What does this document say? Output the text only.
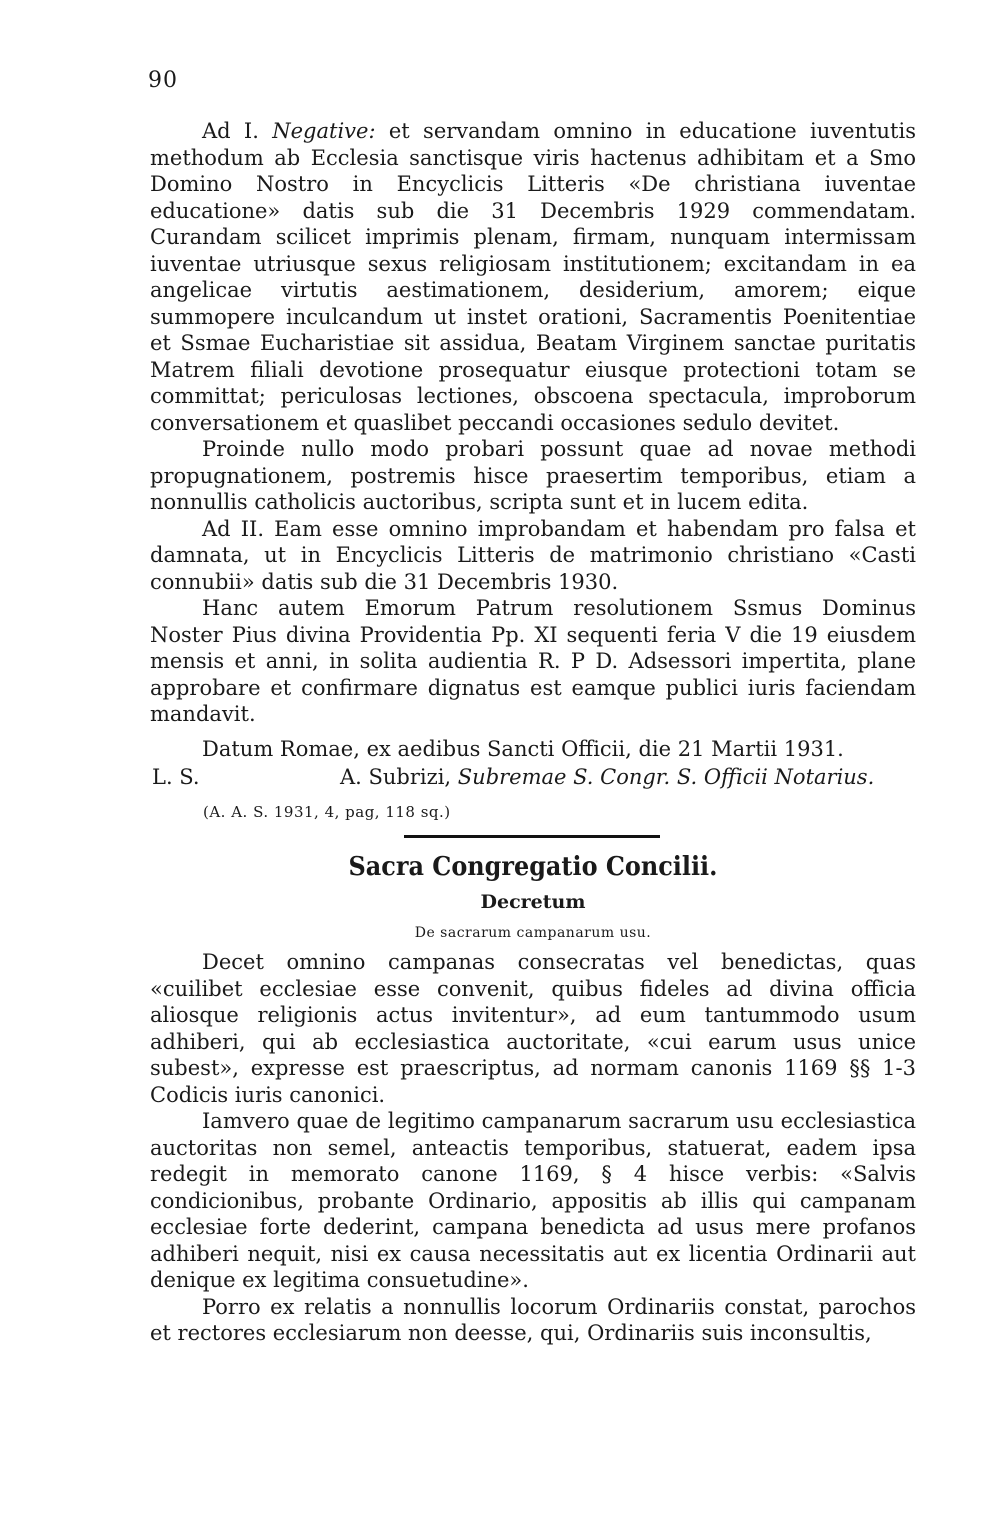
90

Ad I. Negative: et servandam omnino in educatione iuventutis methodum ab Ecclesia sanctisque viris hactenus adhibitam et a Smo Domino Nostro in Encyclicis Litteris «De christiana iuventae educatione» datis sub die 31 Decembris 1929 commendatam. Curandam scilicet imprimis plenam, firmam, nunquam intermissam iuventae utriusque sexus religiosam institutionem; excitandam in ea angelicae virtutis aestimationem, desiderium, amorem; eique summopere inculcandum ut instet orationi, Sacramentis Poenitentiae et Ssmae Eucharistiae sit assidua, Beatam Virginem sanctae puritatis Matrem filiali devotione prosequatur eiusque protectioni totam se committat; periculosas lectiones, obscoena spectacula, improborum conversationem et quaslibet peccandi occasiones sedulo devitet.

Proinde nullo modo probari possunt quae ad novae methodi propugnationem, postremis hisce praesertim temporibus, etiam a nonnullis catholicis auctoribus, scripta sunt et in lucem edita.

Ad II. Eam esse omnino improbandam et habendam pro falsa et damnata, ut in Encyclicis Litteris de matrimonio christiano «Casti connubii» datis sub die 31 Decembris 1930.

Hanc autem Emorum Patrum resolutionem Ssmus Dominus Noster Pius divina Providentia Pp. XI sequenti feria V die 19 eiusdem mensis et anni, in solita audientia R. P D. Adsessori impertita, plane approbare et confirmare dignatus est eamque publici iuris faciendam mandavit.

Datum Romae, ex aedibus Sancti Officii, die 21 Martii 1931.
L. S.	A. Subrizi, Subremae S. Congr. S. Officii Notarius.
(A. A. S. 1931, 4, pag, 118 sq.)
Sacra Congregatio Concilii.
Decretum
De sacrarum campanarum usu.

Decet omnino campanas consecratas vel benedictas, quas «cuilibet ecclesiae esse convenit, quibus fideles ad divina officia aliosque religionis actus invitentur», ad eum tantummodo usum adhiberi, qui ab ecclesiastica auctoritate, «cui earum usus unice subest», expresse est praescriptus, ad normam canonis 1169 §§ 1-3 Codicis iuris canonici.

Iamvero quae de legitimo campanarum sacrarum usu ecclesiastica auctoritas non semel, anteactis temporibus, statuerat, eadem ipsa redegit in memorato canone 1169, § 4 hisce verbis: «Salvis condicionibus, probante Ordinario, appositis ab illis qui campanam ecclesiae forte dederint, campana benedicta ad usus mere profanos adhiberi nequit, nisi ex causa necessitatis aut ex licentia Ordinarii aut denique ex legitima consuetudine».

Porro ex relatis a nonnullis locorum Ordinariis constat, parochos et rectores ecclesiarum non deesse, qui, Ordinariis suis inconsultis,
